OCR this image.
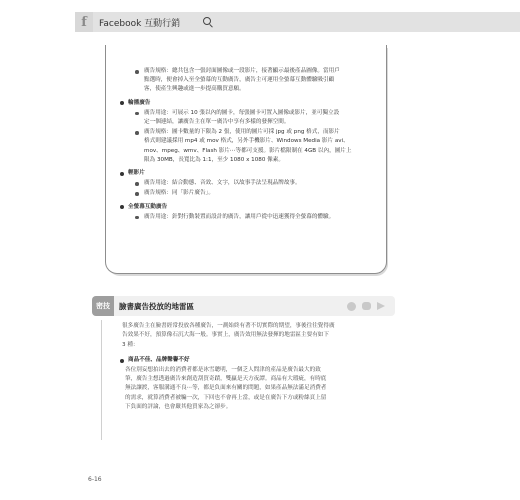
f Facebook 互動行銷
廣告規格：總共包含一張封面圖像或一段影片，接著顯示最後產品圖像。當用戶
點選時，便會掉入至全螢幕的互動廣告，廣告主可運用全螢幕互動體驗吸引顧
客，使產生興趣或進一步提高購買意願。
輪播廣告
廣告用途：可展示 10 張以內的圖卡，每張圖卡可置入圖像或影片，並可獨立設
定一個連結，讓廣告主在單一廣告中享有多樣的發揮空間。
廣告規格：圖卡數量的下限為 2 張，使用的圖片可採 jpg 或 png 格式，而影片
格式則建議採用 mp4 或 mov 格式，另外手機影片、Windows Media 影片 avi、
mov、mpeg、wmv、Flash 影片⋯等都可支援。影片檔限制在 4GB 以內，圖片上
限為 30MB，長寬比為 1:1，至少 1080 x 1080 像素。
輕影片
廣告用途：結合動態、音效、文字，以故事手法呈現品牌故事。
廣告規格：同「影片廣告」。
全螢幕互動廣告
廣告用途：針對行動裝置而設計的廣告，讓用戶從中迅速獲得全螢幕的體驗。
密技	臉書廣告投放的地雷區

很多廣告主在臉書經常投放各種廣告，一測始終有著不切實際的期望，事後往往覺得廣
告效果不好，預算像石沉大海一般。事實上，廣告效用無法發揮的地雷區主要有如下
3 種：

商品不佳、品牌聲譽不好
各位別妄想拍出去的消費者都是冰雪聰明，一個乏人問津的產品是廣告最大的致
筆，廣告主想透過廣告來創造刮買奇蹟，雙贏是天方夜譚。商品有大瑕疵，有時底
無法讓渡，客服溝通不良⋯等，都是負面來有關的問題，如果產品無法滿足消費者
的需求，就算消費者被騙一次，下回也不會再上當，或是在廣告下方或粉絲頁上留
下負面的評論，也會嚴其他買家為之卻步。
6-16
